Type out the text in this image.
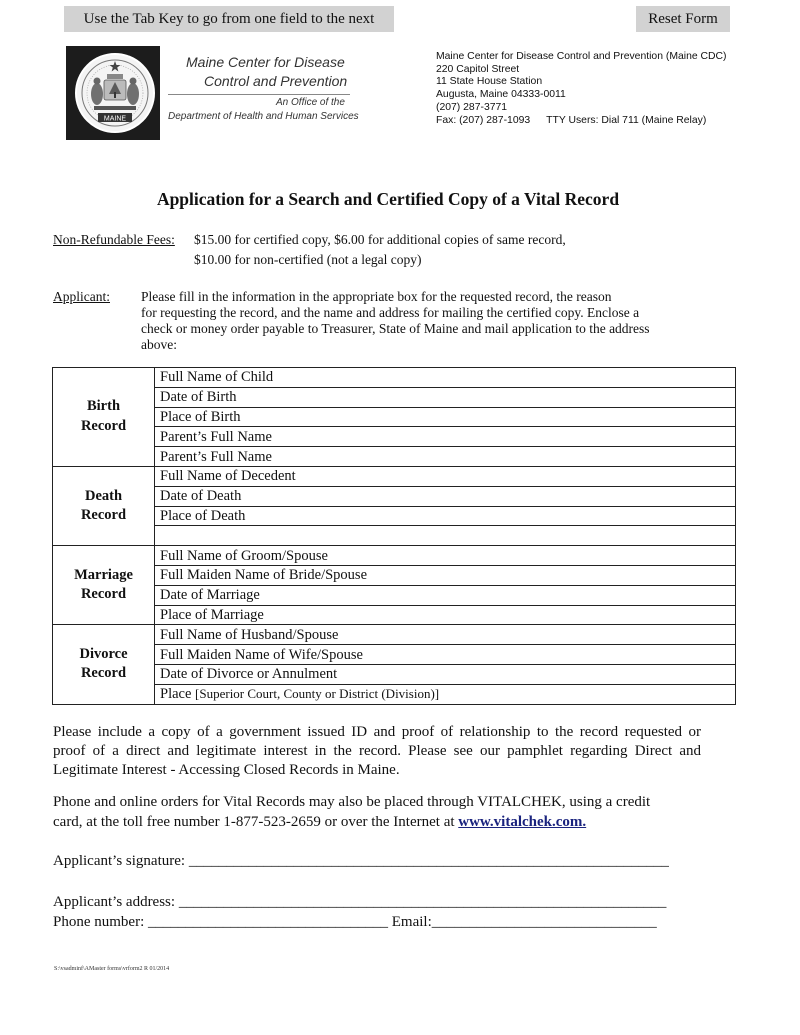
Use the Tab Key to go from one field to the next	Reset Form
MAINE
Maine Center for Disease
Control and Prevention
An Office of the
Department of Health and Human Services
Maine Center for Disease Control and Prevention (Maine CDC)
220 Capitol Street
11 State House Station
Augusta, Maine 04333-0011
(207) 287-3771
Fax: (207) 287-1093 TTY Users: Dial 711 (Maine Relay)
Application for a Search and Certified Copy of a Vital Record
Non-Refundable Fees: $15.00 for certified copy, $6.00 for additional copies of same record,
$10.00 for non-certified (not a legal copy)
Applicant: Please fill in the information in the appropriate box for the requested record, the reason
for requesting the record, and the name and address for mailing the certified copy. Enclose a
check or money order payable to Treasurer, State of Maine and mail application to the address
above:
Birth
Record	Full Name of Child
	Date of Birth
	Place of Birth
	Parent’s Full Name
	Parent’s Full Name
Death
Record	Full Name of Decedent
	Date of Death
	Place of Death

Marriage
Record	Full Name of Groom/Spouse
	Full Maiden Name of Bride/Spouse
	Date of Marriage
	Place of Marriage
Divorce
Record	Full Name of Husband/Spouse
	Full Maiden Name of Wife/Spouse
	Date of Divorce or Annulment
	Place [Superior Court, County or District (Division)]
Please include a copy of a government issued ID and proof of relationship to the record requested or
proof of a direct and legitimate interest in the record. Please see our pamphlet regarding Direct and
Legitimate Interest - Accessing Closed Records in Maine.
Phone and online orders for Vital Records may also be placed through VITALCHEK, using a credit
card, at the toll free number 1-877-523-2659 or over the Internet at www.vitalchek.com.
Applicant’s signature: ________________________________________________________________
Applicant’s address: _________________________________________________________________
Phone number: ________________________________ Email:______________________________
S:\vsadminf\AMaster forms\vrform2 R 01/2014
